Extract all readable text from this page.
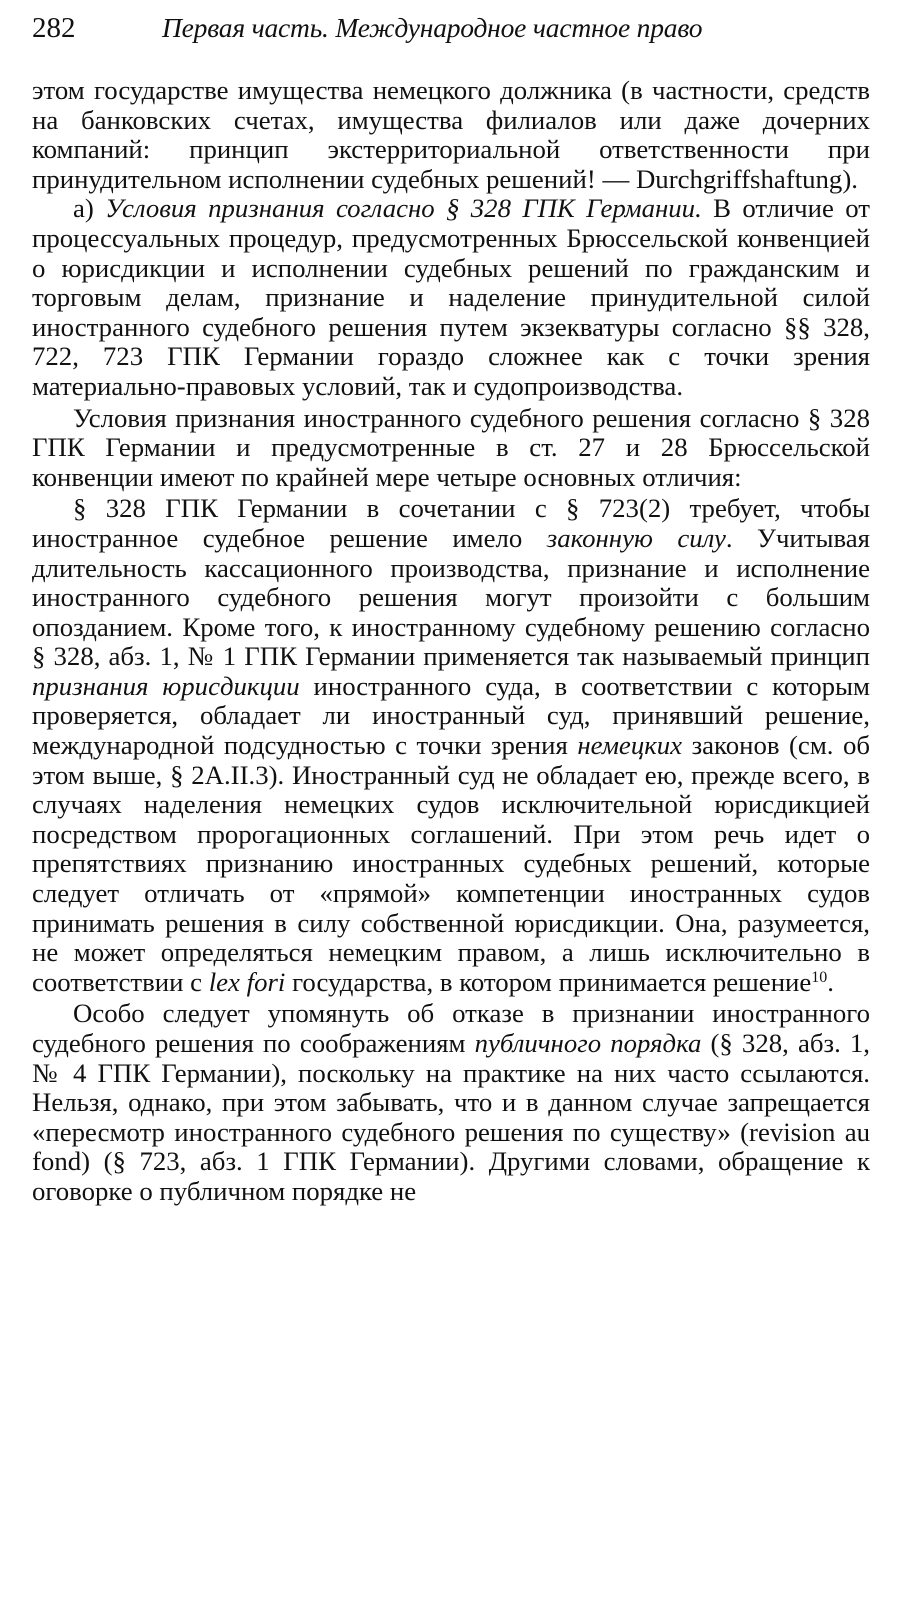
282	Первая часть. Международное частное право

этом государстве имущества немецкого должника (в частности, средств на банковских счетах, имущества филиалов или даже дочерних компаний: принцип экстерриториальной ответственности при принудительном исполнении судебных решений! — Durchgriffshaftung).

а) Условия признания согласно § 328 ГПК Германии. В отличие от процессуальных процедур, предусмотренных Брюссельской конвенцией о юрисдикции и исполнении судебных решений по гражданским и торговым делам, признание и наделение принудительной силой иностранного судебного решения путем экзекватуры согласно §§ 328, 722, 723 ГПК Германии гораздо сложнее как с точки зрения материально-правовых условий, так и судопроизводства.

Условия признания иностранного судебного решения согласно § 328 ГПК Германии и предусмотренные в ст. 27 и 28 Брюссельской конвенции имеют по крайней мере четыре основных отличия:

§ 328 ГПК Германии в сочетании с § 723(2) требует, чтобы иностранное судебное решение имело законную силу. Учитывая длительность кассационного производства, признание и исполнение иностранного судебного решения могут произойти с большим опозданием. Кроме того, к иностранному судебному решению согласно § 328, абз. 1, № 1 ГПК Германии применяется так называемый принцип признания юрисдикции иностранного суда, в соответствии с которым проверяется, обладает ли иностранный суд, принявший решение, международной подсудностью с точки зрения немецких законов (см. об этом выше, § 2A.II.3). Иностранный суд не обладает ею, прежде всего, в случаях наделения немецких судов исключительной юрисдикцией посредством пророгационных соглашений. При этом речь идет о препятствиях признанию иностранных судебных решений, которые следует отличать от «прямой» компетенции иностранных судов принимать решения в силу собственной юрисдикции. Она, разумеется, не может определяться немецким правом, а лишь исключительно в соответствии с lex fori государства, в котором принимается решение$^{10}$.

Особо следует упомянуть об отказе в признании иностранного судебного решения по соображениям публичного порядка (§ 328, абз. 1, № 4 ГПК Германии), поскольку на практике на них часто ссылаются. Нельзя, однако, при этом забывать, что и в данном случае запрещается «пересмотр иностранного судебного решения по существу» (revision au fond) (§ 723, абз. 1 ГПК Германии). Другими словами, обращение к оговорке о публичном порядке не
